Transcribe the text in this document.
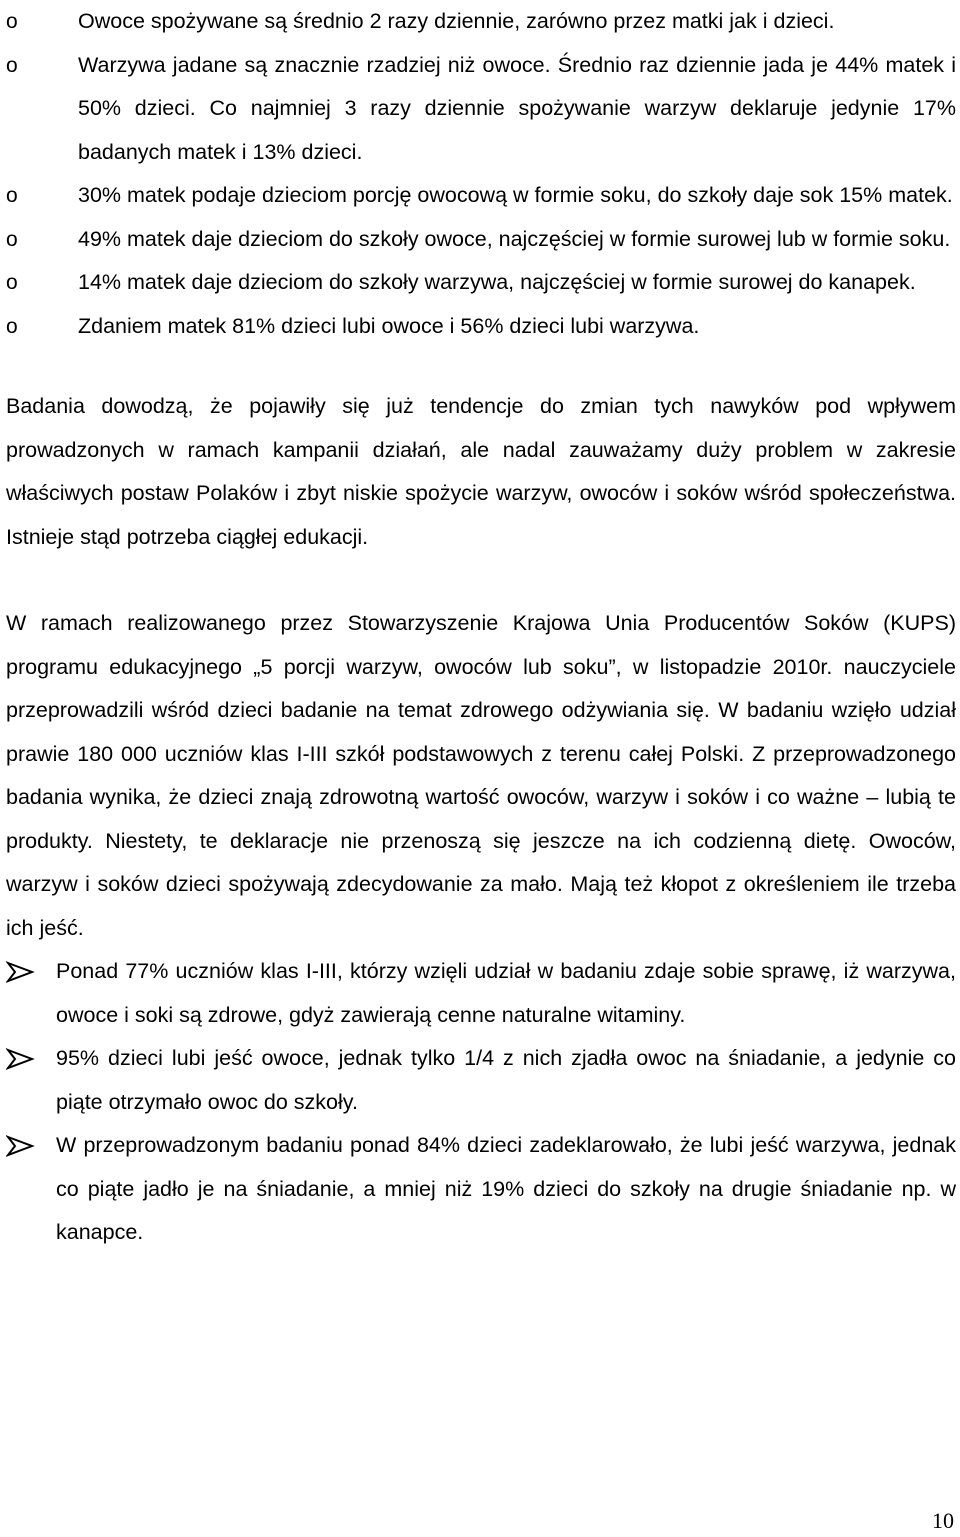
o	Owoce spożywane są średnio 2 razy dziennie, zarówno przez matki jak i dzieci.
o	Warzywa jadane są znacznie rzadziej niż owoce. Średnio raz dziennie jada je 44% matek i 50% dzieci. Co najmniej 3 razy dziennie spożywanie warzyw deklaruje jedynie 17% badanych matek i 13% dzieci.
o	30% matek podaje dzieciom porcję owocową w formie soku, do szkoły daje sok 15% matek.
o	49% matek daje dzieciom do szkoły owoce, najczęściej w formie surowej lub w formie soku.
o	14% matek daje dzieciom do szkoły warzywa, najczęściej w formie surowej do kanapek.
o	Zdaniem matek 81% dzieci lubi owoce i 56% dzieci lubi warzywa.

Badania dowodzą, że pojawiły się już tendencje do zmian tych nawyków pod wpływem prowadzonych w ramach kampanii działań, ale nadal zauważamy duży problem w zakresie właściwych postaw Polaków i zbyt niskie spożycie warzyw, owoców i soków wśród społeczeństwa. Istnieje stąd potrzeba ciągłej edukacji.

W ramach realizowanego przez Stowarzyszenie Krajowa Unia Producentów Soków (KUPS) programu edukacyjnego „5 porcji warzyw, owoców lub soku”, w listopadzie 2010r. nauczyciele przeprowadzili wśród dzieci badanie na temat zdrowego odżywiania się. W badaniu wzięło udział prawie 180 000 uczniów klas I-III szkół podstawowych z terenu całej Polski. Z przeprowadzonego badania wynika, że dzieci znają zdrowotną wartość owoców, warzyw i soków i co ważne – lubią te produkty. Niestety, te deklaracje nie przenoszą się jeszcze na ich codzienną dietę. Owoców, warzyw i soków dzieci spożywają zdecydowanie za mało. Mają też kłopot z określeniem ile trzeba ich jeść.

Ponad 77% uczniów klas I-III, którzy wzięli udział w badaniu zdaje sobie sprawę, iż warzywa, owoce i soki są zdrowe, gdyż zawierają cenne naturalne witaminy.
95% dzieci lubi jeść owoce, jednak tylko 1/4 z nich zjadła owoc na śniadanie, a jedynie co piąte otrzymało owoc do szkoły.
W przeprowadzonym badaniu ponad 84% dzieci zadeklarowało, że lubi jeść warzywa, jednak co piąte jadło je na śniadanie, a mniej niż 19% dzieci do szkoły na drugie śniadanie np. w kanapce.
10
